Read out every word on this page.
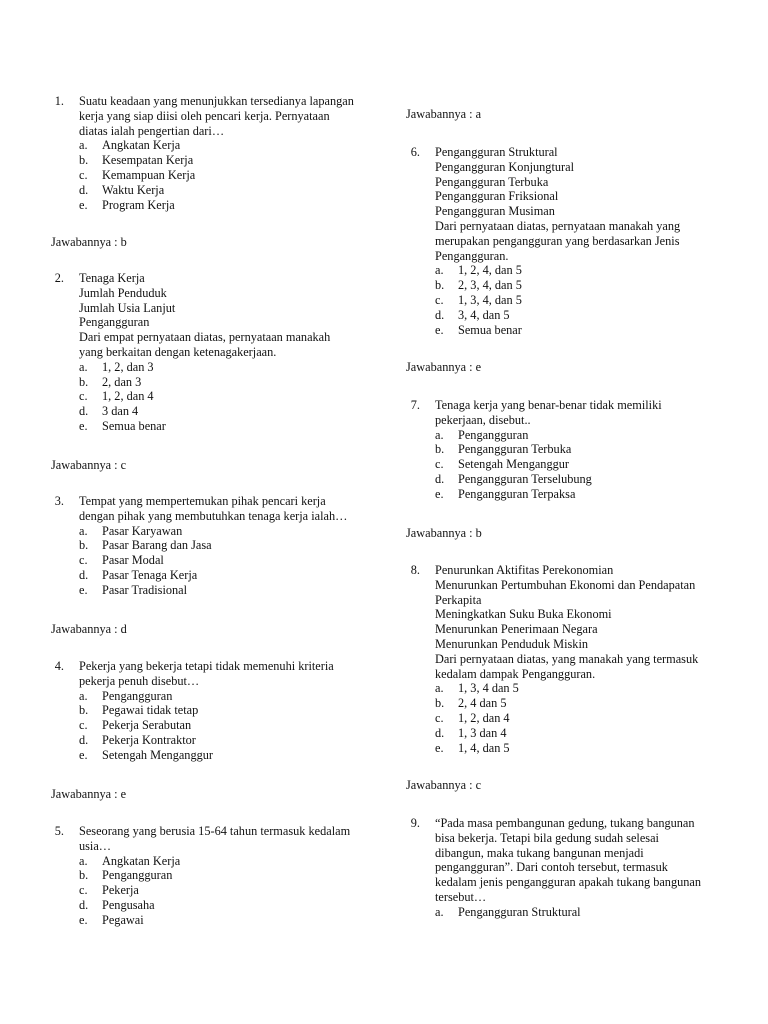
1. Suatu keadaan yang menunjukkan tersedianya lapangan
kerja yang siap diisi oleh pencari kerja. Pernyataan
diatas ialah pengertian dari…
a. Angkatan Kerja
b. Kesempatan Kerja
c. Kemampuan Kerja
d. Waktu Kerja
e. Program Kerja
Jawabannya : b
2. Tenaga Kerja
Jumlah Penduduk
Jumlah Usia Lanjut
Pengangguran
Dari empat pernyataan diatas, pernyataan manakah
yang berkaitan dengan ketenagakerjaan.
a. 1, 2, dan 3
b. 2, dan 3
c. 1, 2, dan 4
d. 3 dan 4
e. Semua benar
Jawabannya : c
3. Tempat yang mempertemukan pihak pencari kerja
dengan pihak yang membutuhkan tenaga kerja ialah…
a. Pasar Karyawan
b. Pasar Barang dan Jasa
c. Pasar Modal
d. Pasar Tenaga Kerja
e. Pasar Tradisional
Jawabannya : d
4. Pekerja yang bekerja tetapi tidak memenuhi kriteria
pekerja penuh disebut…
a. Pengangguran
b. Pegawai tidak tetap
c. Pekerja Serabutan
d. Pekerja Kontraktor
e. Setengah Menganggur
Jawabannya : e
5. Seseorang yang berusia 15-64 tahun termasuk kedalam
usia…
a. Angkatan Kerja
b. Pengangguran
c. Pekerja
d. Pengusaha
e. Pegawai
Jawabannya : a
6. Pengangguran Struktural
Pengangguran Konjungtural
Pengangguran Terbuka
Pengangguran Friksional
Pengangguran Musiman
Dari pernyataan diatas, pernyataan manakah yang
merupakan pengangguran yang berdasarkan Jenis
Pengangguran.
a. 1, 2, 4, dan 5
b. 2, 3, 4, dan 5
c. 1, 3, 4, dan 5
d. 3, 4, dan 5
e. Semua benar
Jawabannya : e
7. Tenaga kerja yang benar-benar tidak memiliki
pekerjaan, disebut..
a. Pengangguran
b. Pengangguran Terbuka
c. Setengah Menganggur
d. Pengangguran Terselubung
e. Pengangguran Terpaksa
Jawabannya : b
8. Penurunkan Aktifitas Perekonomian
Menurunkan Pertumbuhan Ekonomi dan Pendapatan
Perkapita
Meningkatkan Suku Buka Ekonomi
Menurunkan Penerimaan Negara
Menurunkan Penduduk Miskin
Dari pernyataan diatas, yang manakah yang termasuk
kedalam dampak Pengangguran.
a. 1, 3, 4 dan 5
b. 2, 4 dan 5
c. 1, 2, dan 4
d. 1, 3 dan 4
e. 1, 4, dan 5
Jawabannya : c
9. “Pada masa pembangunan gedung, tukang bangunan
bisa bekerja. Tetapi bila gedung sudah selesai
dibangun, maka tukang bangunan menjadi
pengangguran”. Dari contoh tersebut, termasuk
kedalam jenis pengangguran apakah tukang bangunan
tersebut…
a. Pengangguran Struktural
